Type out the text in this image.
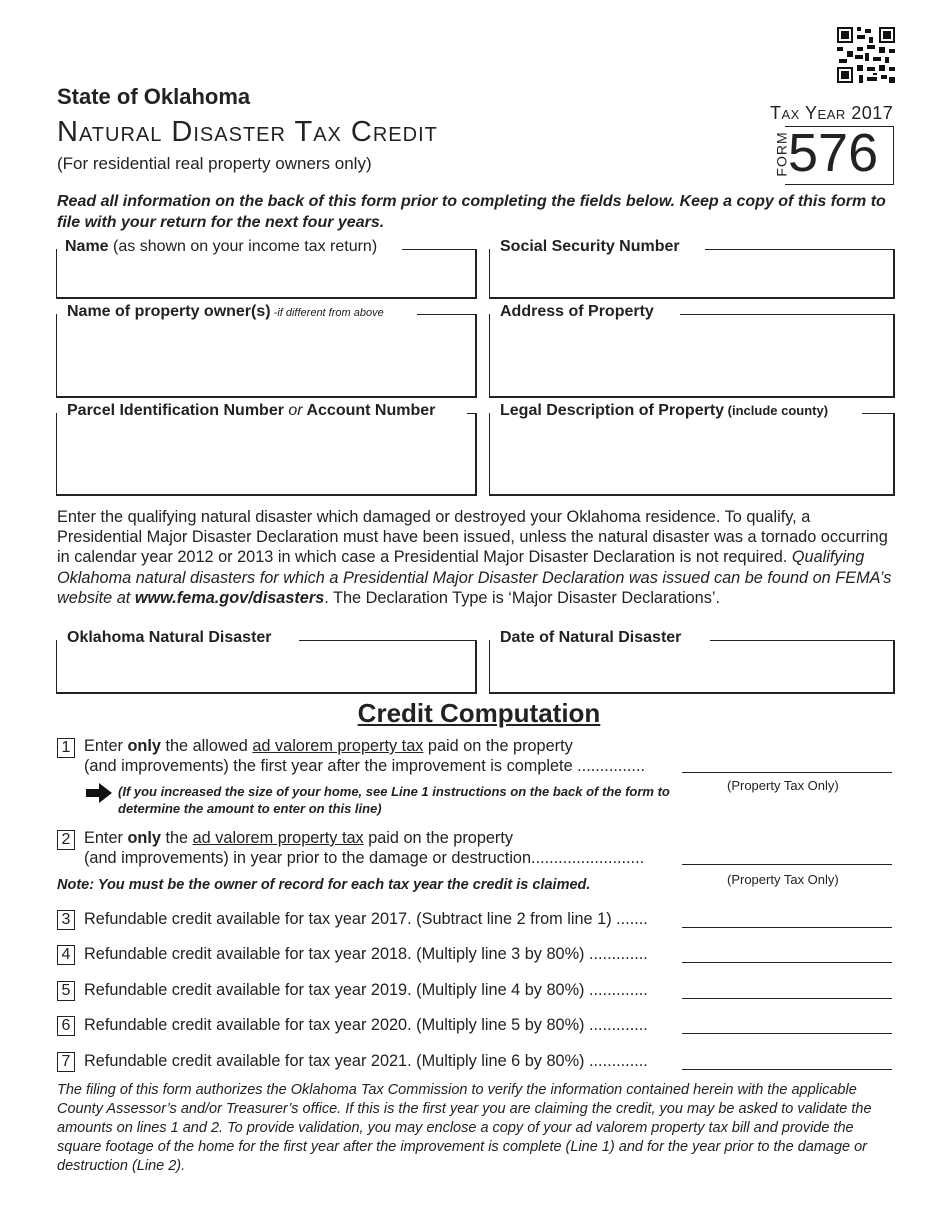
State of Oklahoma
Natural Disaster Tax Credit
(For residential real property owners only)
Tax Year 2017
FORM
576
Read all information on the back of this form prior to completing the fields below. Keep a copy of this form to file with your return for the next four years.
Name (as shown on your income tax return)	Social Security Number
Name of property owner(s) -if different from above	Address of Property
Parcel Identification Number or Account Number	Legal Description of Property (include county)
Enter the qualifying natural disaster which damaged or destroyed your Oklahoma residence. To qualify, a Presidential Major Disaster Declaration must have been issued, unless the natural disaster was a tornado occurring in calendar year 2012 or 2013 in which case a Presidential Major Disaster Declaration is not required. Qualifying Oklahoma natural disasters for which a Presidential Major Disaster Declaration was issued can be found on FEMA’s website at www.fema.gov/disasters. The Declaration Type is ‘Major Disaster Declarations’.
Oklahoma Natural Disaster	Date of Natural Disaster
Credit Computation
1 Enter only the allowed ad valorem property tax paid on the property
(and improvements) the first year after the improvement is complete ...............
(Property Tax Only)
(If you increased the size of your home, see Line 1 instructions on the back of the form to determine the amount to enter on this line)
2 Enter only the ad valorem property tax paid on the property
(and improvements) in year prior to the damage or destruction.........................
(Property Tax Only)
Note: You must be the owner of record for each tax year the credit is claimed.
3 Refundable credit available for tax year 2017. (Subtract line 2 from line 1) .......
4 Refundable credit available for tax year 2018. (Multiply line 3 by 80%) .............
5 Refundable credit available for tax year 2019. (Multiply line 4 by 80%) .............
6 Refundable credit available for tax year 2020. (Multiply line 5 by 80%) .............
7 Refundable credit available for tax year 2021. (Multiply line 6 by 80%) .............
The filing of this form authorizes the Oklahoma Tax Commission to verify the information contained herein with the applicable County Assessor’s and/or Treasurer’s office. If this is the first year you are claiming the credit, you may be asked to validate the amounts on lines 1 and 2. To provide validation, you may enclose a copy of your ad valorem property tax bill and provide the square footage of the home for the first year after the improvement is complete (Line 1) and for the year prior to the damage or destruction (Line 2).
